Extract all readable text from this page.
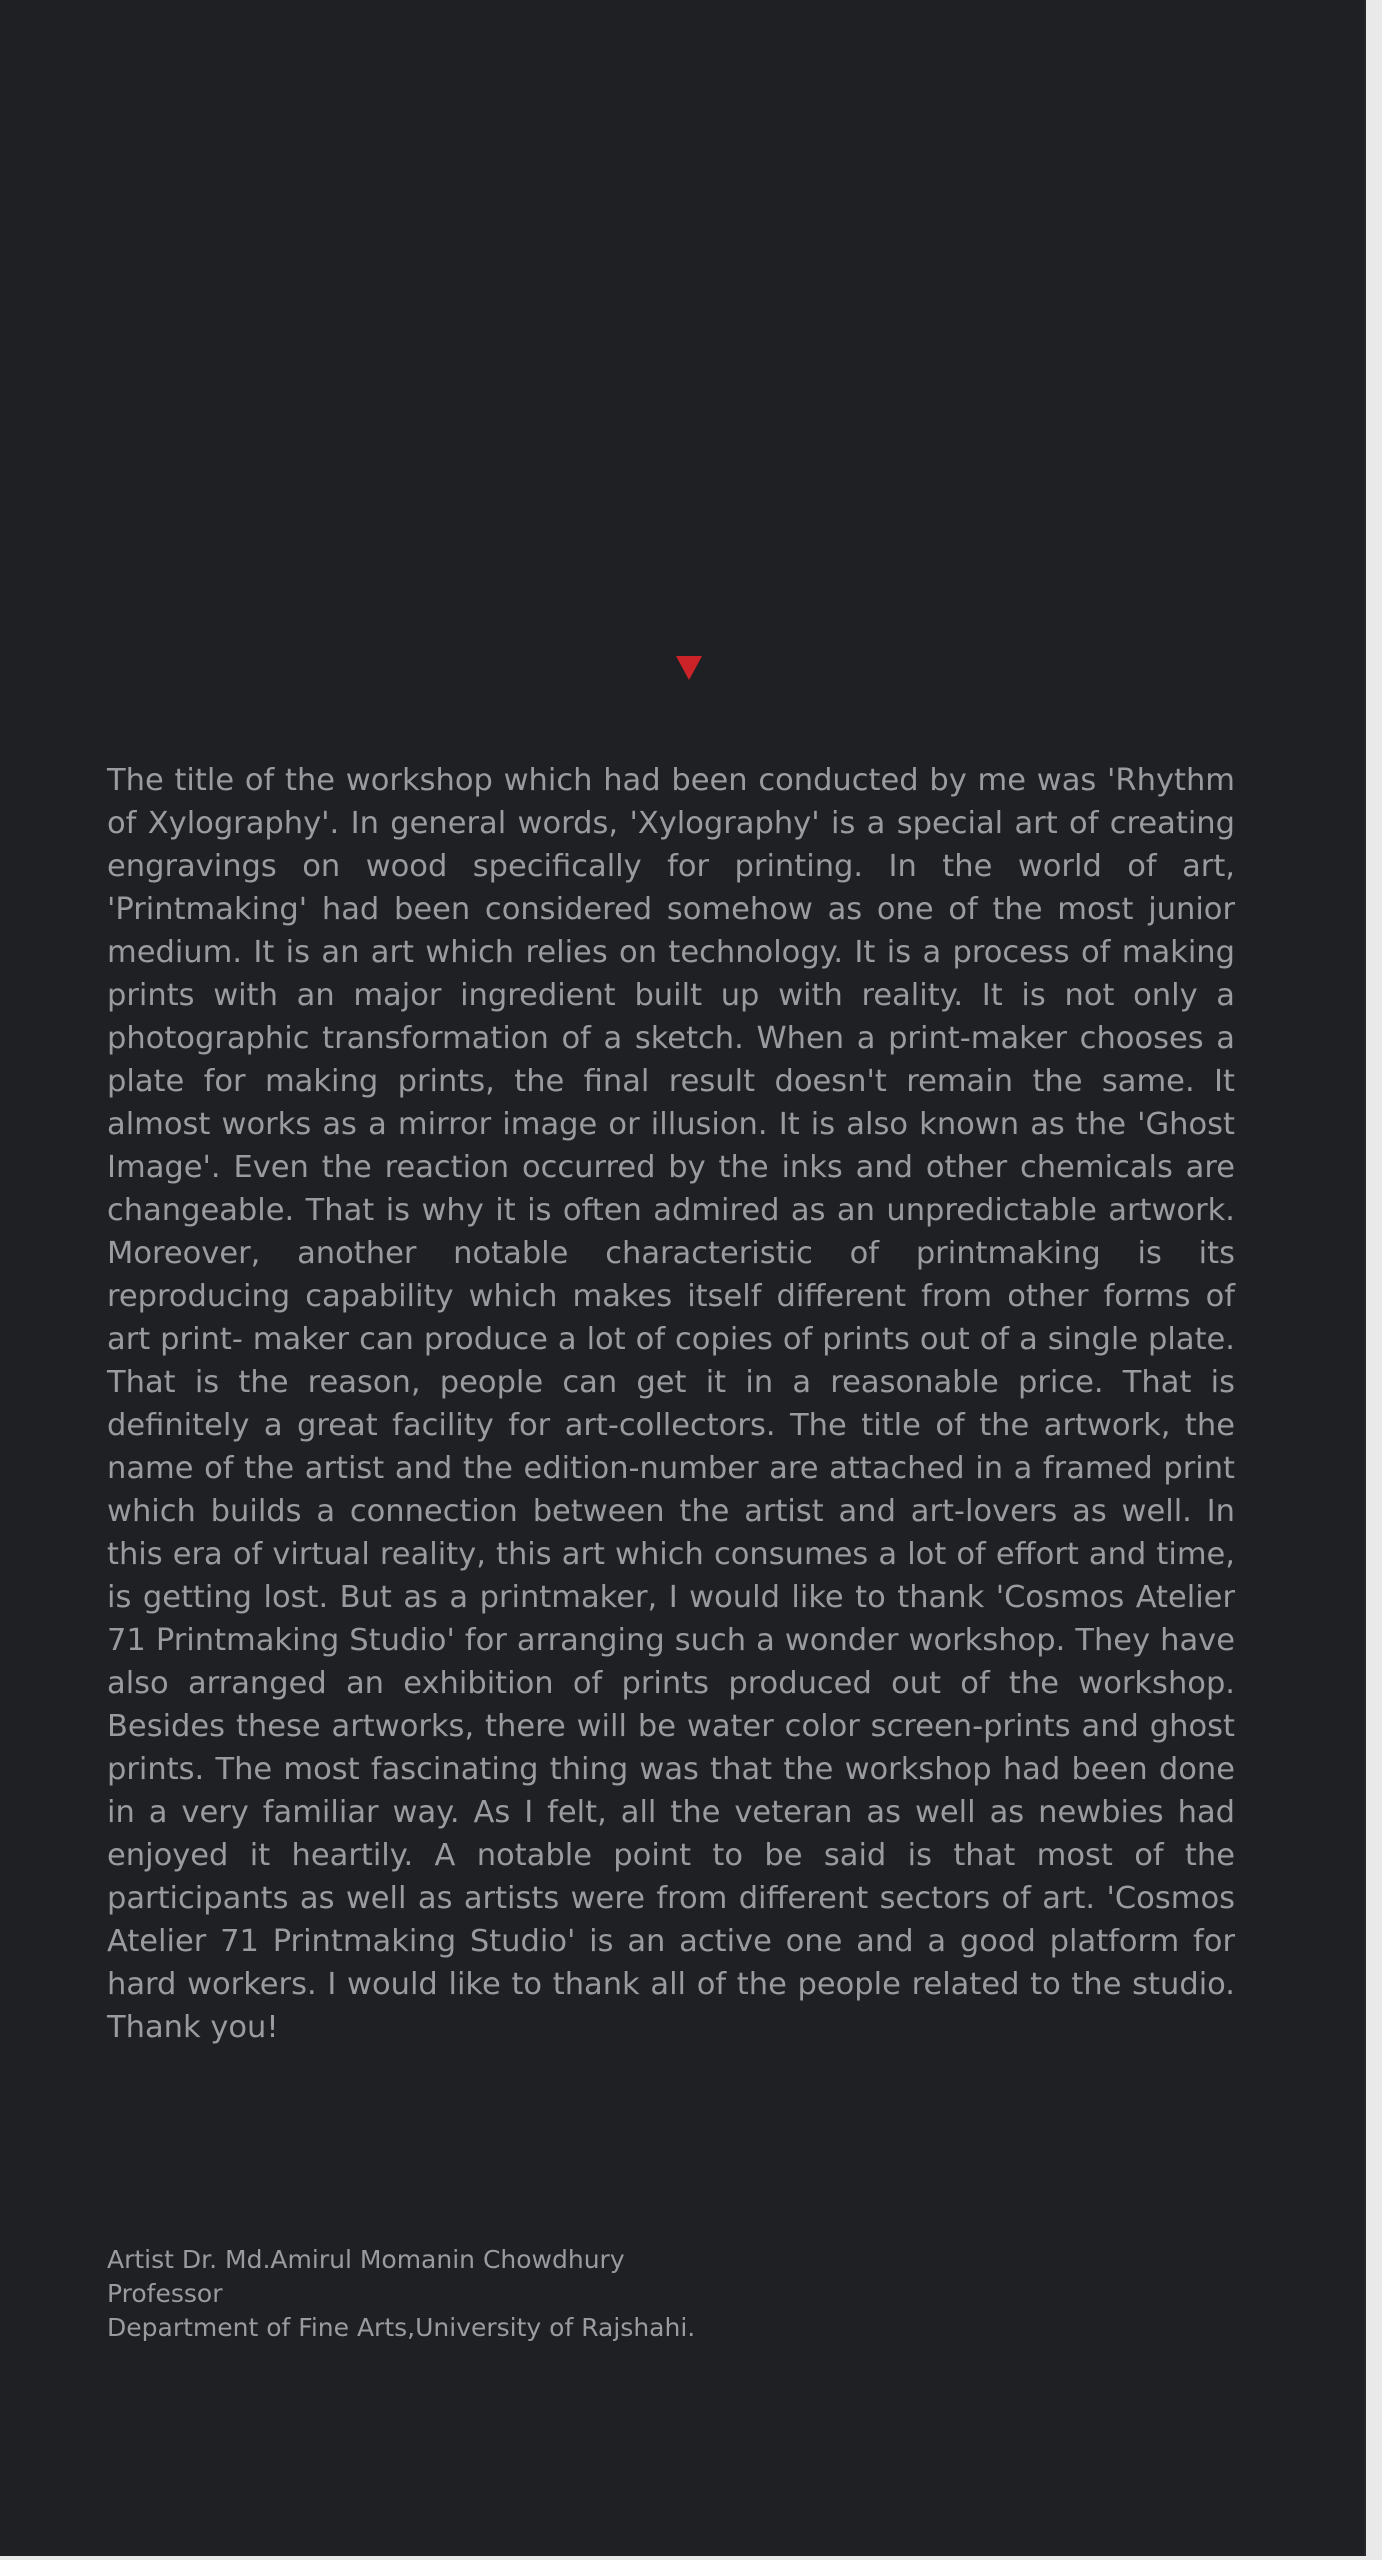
The title of the workshop which had been conducted by me was 'Rhythm of Xylography'. In general words, 'Xylography' is a special art of creating engravings on wood specifically for printing. In the world of art, 'Printmaking' had been considered somehow as one of the most junior medium. It is an art which relies on technology. It is a process of making prints with an major ingredient built up with reality. It is not only a photographic transformation of a sketch. When a print-maker chooses a plate for making prints, the final result doesn't remain the same. It almost works as a mirror image or illusion. It is also known as the 'Ghost Image'. Even the reaction occurred by the inks and other chemicals are changeable. That is why it is often admired as an unpredictable artwork. Moreover, another notable characteristic of printmaking is its reproducing capability which makes itself different from other forms of art print- maker can produce a lot of copies of prints out of a single plate. That is the reason, people can get it in a reasonable price. That is definitely a great facility for art-collectors. The title of the artwork, the name of the artist and the edition-number are attached in a framed print which builds a connection between the artist and art-lovers as well. In this era of virtual reality, this art which consumes a lot of effort and time, is getting lost. But as a printmaker, I would like to thank 'Cosmos Atelier 71 Printmaking Studio' for arranging such a wonder workshop. They have also arranged an exhibition of prints produced out of the workshop. Besides these artworks, there will be water color screen-prints and ghost prints. The most fascinating thing was that the workshop had been done in a very familiar way. As I felt, all the veteran as well as newbies had enjoyed it heartily. A notable point to be said is that most of the participants as well as artists were from different sectors of art. 'Cosmos Atelier 71 Printmaking Studio' is an active one and a good platform for hard workers. I would like to thank all of the people related to the studio. Thank you!

Artist Dr. Md.Amirul Momanin Chowdhury
Professor
Department of Fine Arts,University of Rajshahi.
